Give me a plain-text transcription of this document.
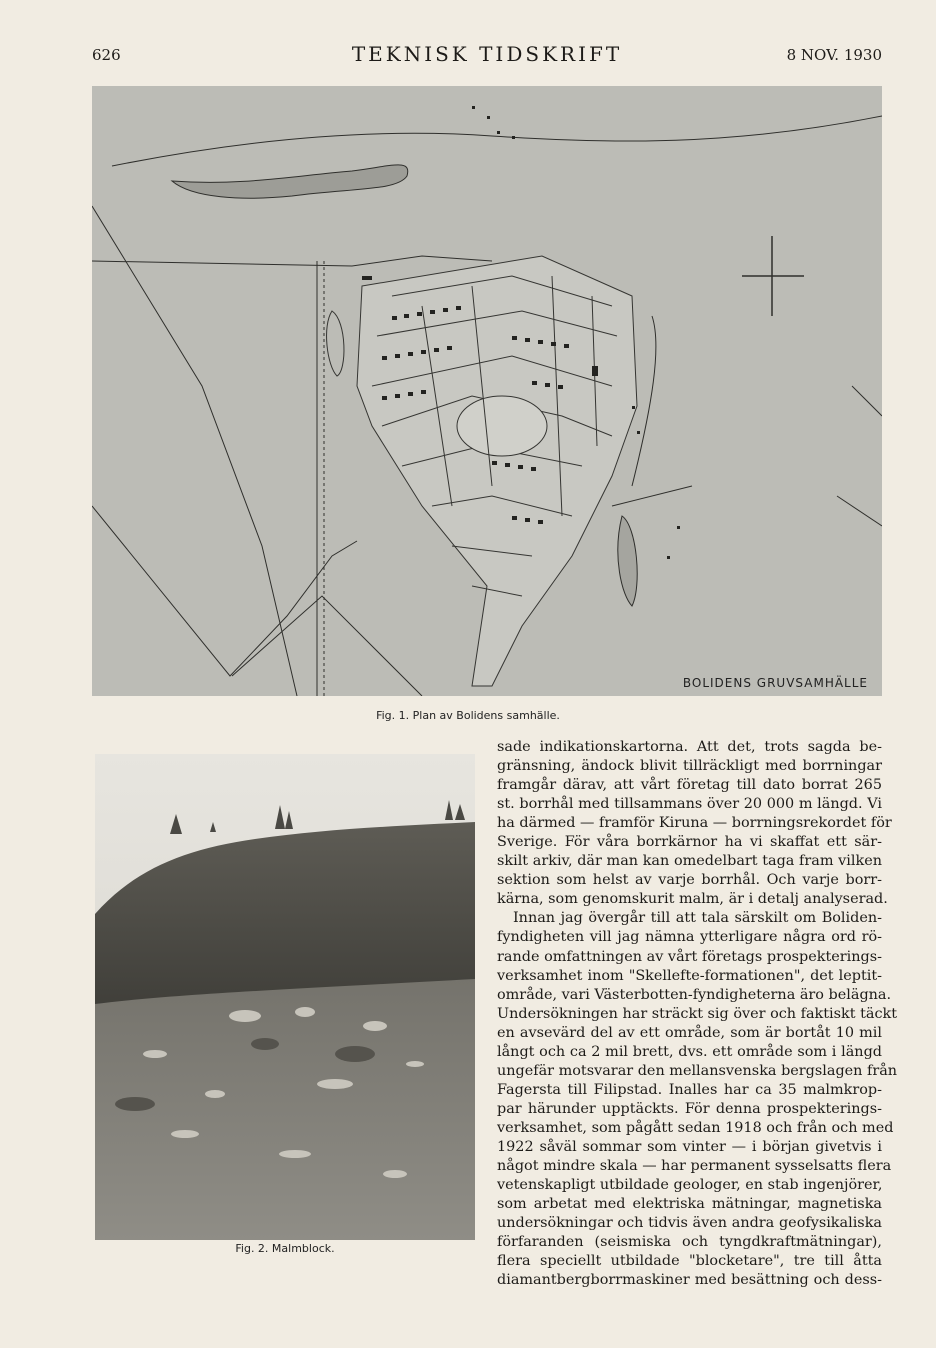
626	TEKNISK TIDSKRIFT	8 NOV. 1930
BOLIDENS GRUVSAMHÄLLE
Fig. 1. Plan av Bolidens samhälle.
Fig. 2. Malmblock.
sade indikationskartorna. Att det, trots sagda be-
gränsning, ändock blivit tillräckligt med borrningar
framgår därav, att vårt företag till dato borrat 265
st. borrhål med tillsammans över 20 000 m längd. Vi
ha därmed — framför Kiruna — borrningsrekordet för
Sverige. För våra borrkärnor ha vi skaffat ett sär-
skilt arkiv, där man kan omedelbart taga fram vilken
sektion som helst av varje borrhål. Och varje borr-
kärna, som genomskurit malm, är i detalj analyserad.
Innan jag övergår till att tala särskilt om Boliden-
fyndigheten vill jag nämna ytterligare några ord rö-
rande omfattningen av vårt företags prospekterings-
verksamhet inom "Skellefte-formationen", det leptit-
område, vari Västerbotten-fyndigheterna äro belägna.
Undersökningen har sträckt sig över och faktiskt täckt
en avsevärd del av ett område, som är bortåt 10 mil
långt och ca 2 mil brett, dvs. ett område som i längd
ungefär motsvarar den mellansvenska bergslagen från
Fagersta till Filipstad. Inalles har ca 35 malmkrop-
par härunder upptäckts. För denna prospekterings-
verksamhet, som pågått sedan 1918 och från och med
1922 såväl sommar som vinter — i början givetvis i
något mindre skala — har permanent sysselsatts flera
vetenskapligt utbildade geologer, en stab ingenjörer,
som arbetat med elektriska mätningar, magnetiska
undersökningar och tidvis även andra geofysikaliska
förfaranden (seismiska och tyngdkraftmätningar),
flera speciellt utbildade "blocketare", tre till åtta
diamantbergborrmaskiner med besättning och dess-
